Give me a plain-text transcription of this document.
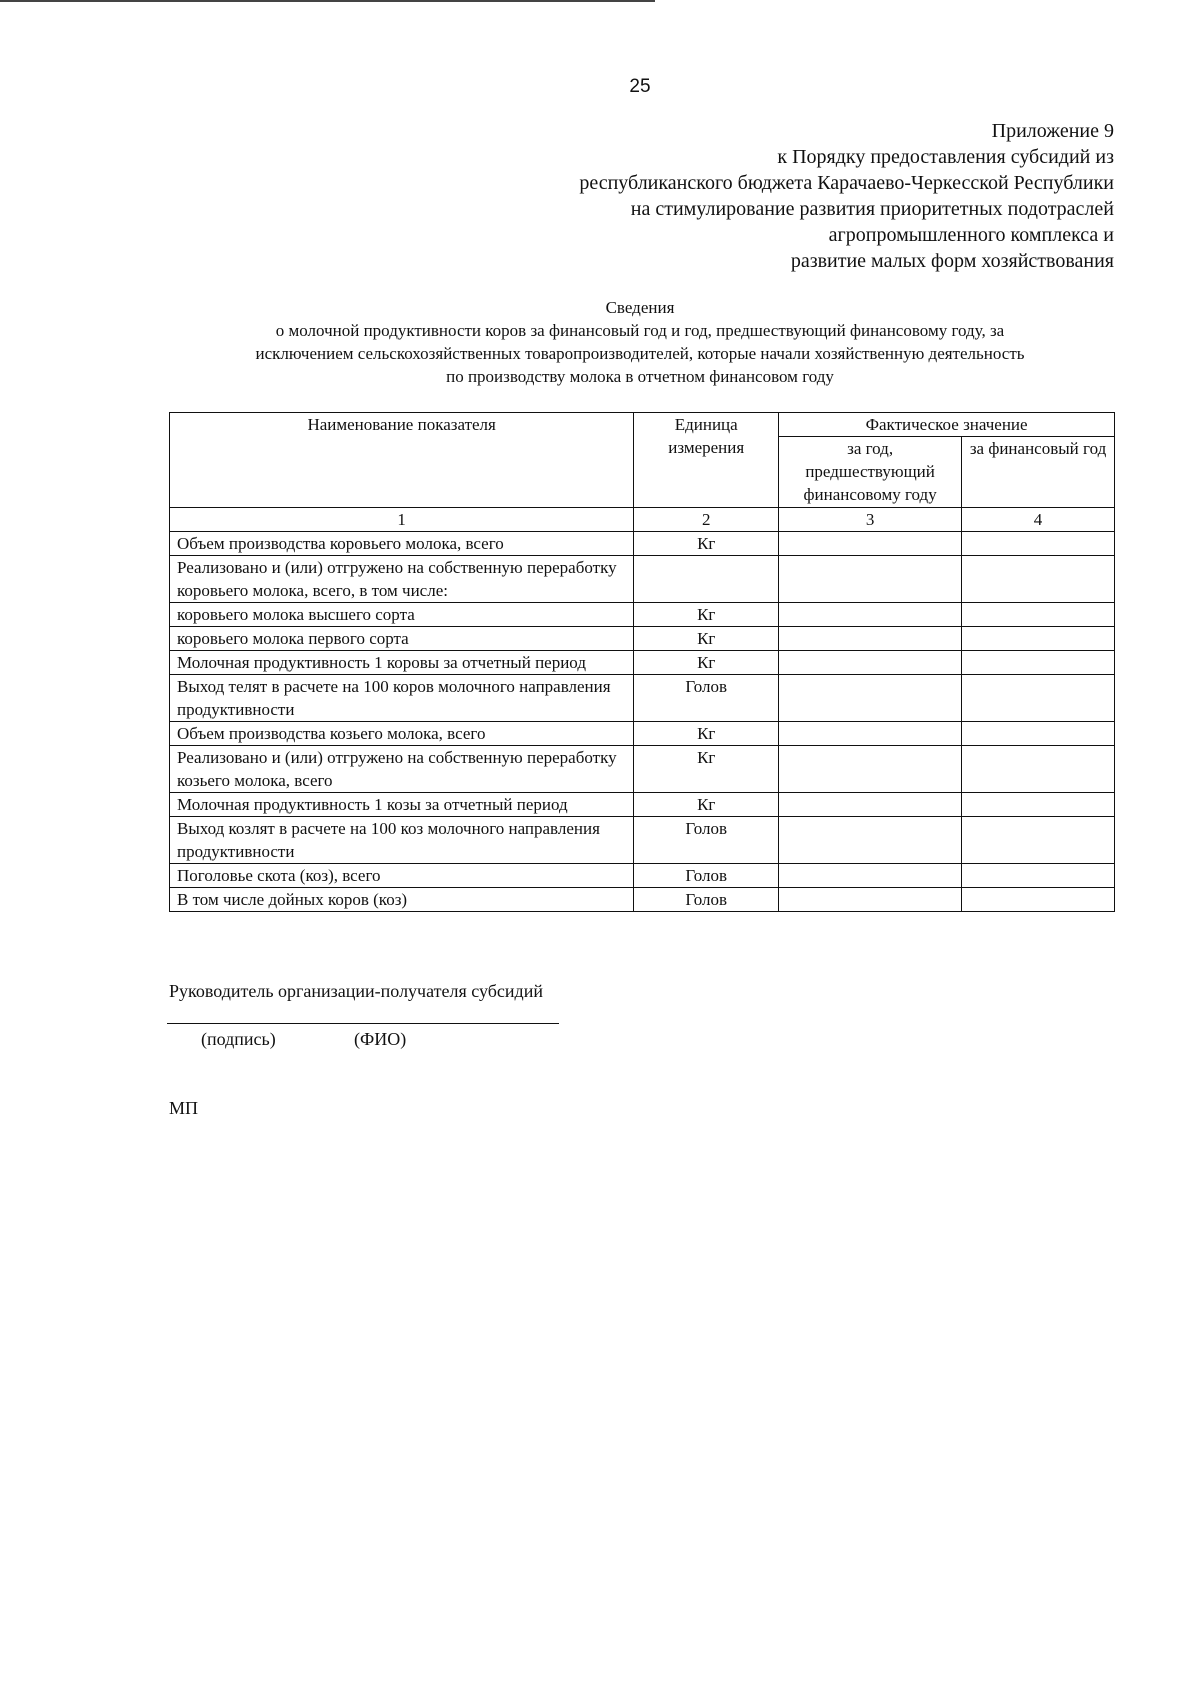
25
Приложение 9
к Порядку предоставления субсидий из
республиканского бюджета Карачаево-Черкесской Республики
на стимулирование развития приоритетных подотраслей
агропромышленного комплекса и
развитие малых форм хозяйствования
Сведения
о молочной продуктивности коров за финансовый год и год, предшествующий финансовому году, за
исключением сельскохозяйственных товаропроизводителей, которые начали хозяйственную деятельность
по производству молока в отчетном финансовом году
Наименование показателя	Единица измерения	Фактическое значение	
		за год, предшествующий финансовому году	за финансовый год
1	2	3	4
Объем производства коровьего молока, всего	Кг		
Реализовано и (или) отгружено на собственную переработку коровьего молока, всего, в том числе:			
коровьего молока высшего сорта	Кг		
коровьего молока первого сорта	Кг		
Молочная продуктивность 1 коровы за отчетный период	Кг		
Выход телят в расчете на 100 коров молочного направления продуктивности	Голов		
Объем производства козьего молока, всего	Кг		
Реализовано и (или) отгружено на собственную переработку козьего молока, всего	Кг		
Молочная продуктивность 1 козы за отчетный период	Кг		
Выход козлят в расчете на 100 коз молочного направления продуктивности	Голов		
Поголовье скота (коз), всего	Голов		
В том числе дойных коров (коз)	Голов		
Руководитель организации-получателя субсидий
(подпись)	(ФИО)
МП
